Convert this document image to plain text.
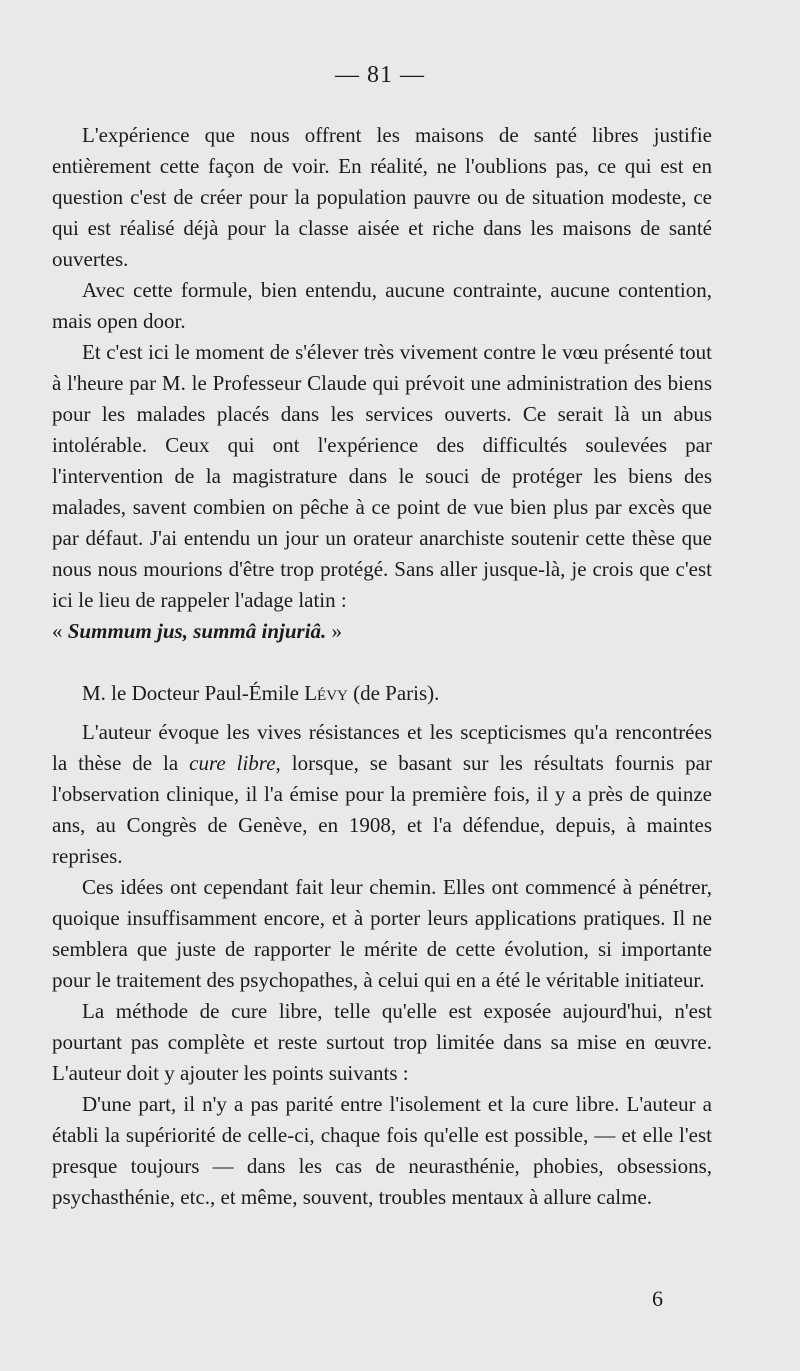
— 81 —

L'expérience que nous offrent les maisons de santé libres justifie entièrement cette façon de voir. En réalité, ne l'oublions pas, ce qui est en question c'est de créer pour la population pauvre ou de situation modeste, ce qui est réalisé déjà pour la classe aisée et riche dans les maisons de santé ouvertes.

Avec cette formule, bien entendu, aucune contrainte, aucune contention, mais open door.

Et c'est ici le moment de s'élever très vivement contre le vœu présenté tout à l'heure par M. le Professeur Claude qui prévoit une administration des biens pour les malades placés dans les services ouverts. Ce serait là un abus intolérable. Ceux qui ont l'expérience des difficultés soulevées par l'intervention de la magistrature dans le souci de protéger les biens des malades, savent combien on pêche à ce point de vue bien plus par excès que par défaut. J'ai entendu un jour un orateur anarchiste soutenir cette thèse que nous nous mourions d'être trop protégé. Sans aller jusque-là, je crois que c'est ici le lieu de rappeler l'adage latin :

« Summum jus, summâ injuriâ. »

M. le Docteur Paul-Émile Lévy (de Paris).

L'auteur évoque les vives résistances et les scepticismes qu'a rencontrées la thèse de la cure libre, lorsque, se basant sur les résultats fournis par l'observation clinique, il l'a émise pour la première fois, il y a près de quinze ans, au Congrès de Genève, en 1908, et l'a défendue, depuis, à maintes reprises.

Ces idées ont cependant fait leur chemin. Elles ont commencé à pénétrer, quoique insuffisamment encore, et à porter leurs applications pratiques. Il ne semblera que juste de rapporter le mérite de cette évolution, si importante pour le traitement des psychopathes, à celui qui en a été le véritable initiateur.

La méthode de cure libre, telle qu'elle est exposée aujourd'hui, n'est pourtant pas complète et reste surtout trop limitée dans sa mise en œuvre. L'auteur doit y ajouter les points suivants :

D'une part, il n'y a pas parité entre l'isolement et la cure libre. L'auteur a établi la supériorité de celle-ci, chaque fois qu'elle est possible, — et elle l'est presque toujours — dans les cas de neurasthénie, phobies, obsessions, psychasthénie, etc., et même, souvent, troubles mentaux à allure calme.

6
